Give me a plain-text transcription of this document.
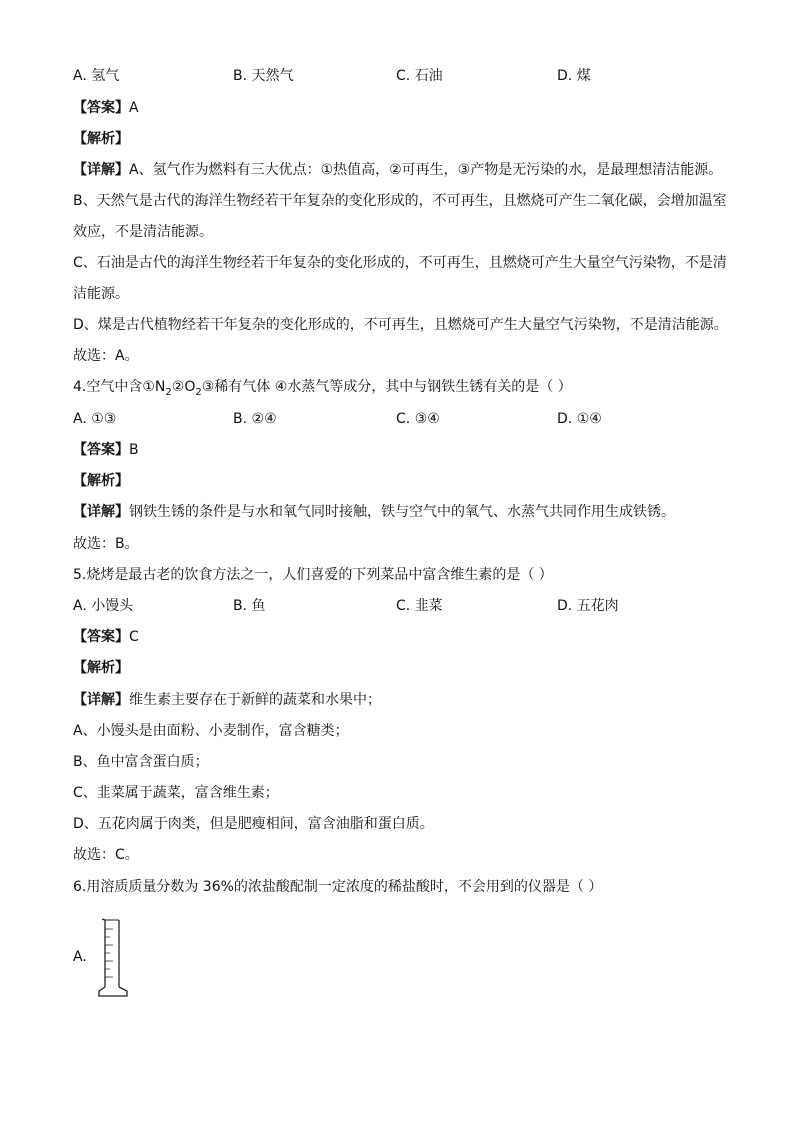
A. 氢气	B. 天然气	C. 石油	D. 煤
【答案】A
【解析】
【详解】A、氢气作为燃料有三大优点：①热值高，②可再生，③产物是无污染的水，是最理想清洁能源。
B、天然气是古代的海洋生物经若干年复杂的变化形成的，不可再生，且燃烧可产生二氧化碳，会增加温室
效应，不是清洁能源。
C、石油是古代的海洋生物经若干年复杂的变化形成的，不可再生，且燃烧可产生大量空气污染物，不是清
洁能源。
D、煤是古代植物经若干年复杂的变化形成的，不可再生，且燃烧可产生大量空气污染物，不是清洁能源。
故选：A。
4.空气中含$①N_2②O_2③$稀有气体 ④水蒸气等成分，其中与钢铁生锈有关的是（ ）
A. ①③	B. ②④	C. ③④	D. ①④
【答案】B
【解析】
【详解】钢铁生锈的条件是与水和氧气同时接触，铁与空气中的氧气、水蒸气共同作用生成铁锈。
故选：B。
5.烧烤是最古老的饮食方法之一，人们喜爱的下列菜品中富含维生素的是（ ）
A. 小馒头	B. 鱼	C. 韭菜	D. 五花肉
【答案】C
【解析】
【详解】维生素主要存在于新鲜的蔬菜和水果中；
A、小馒头是由面粉、小麦制作，富含糖类；
B、鱼中富含蛋白质；
C、韭菜属于蔬菜，富含维生素；
D、五花肉属于肉类，但是肥瘦相间，富含油脂和蛋白质。
故选：C。
6.用溶质质量分数为 36%的浓盐酸配制一定浓度的稀盐酸时，不会用到的仪器是（ ）
A.
